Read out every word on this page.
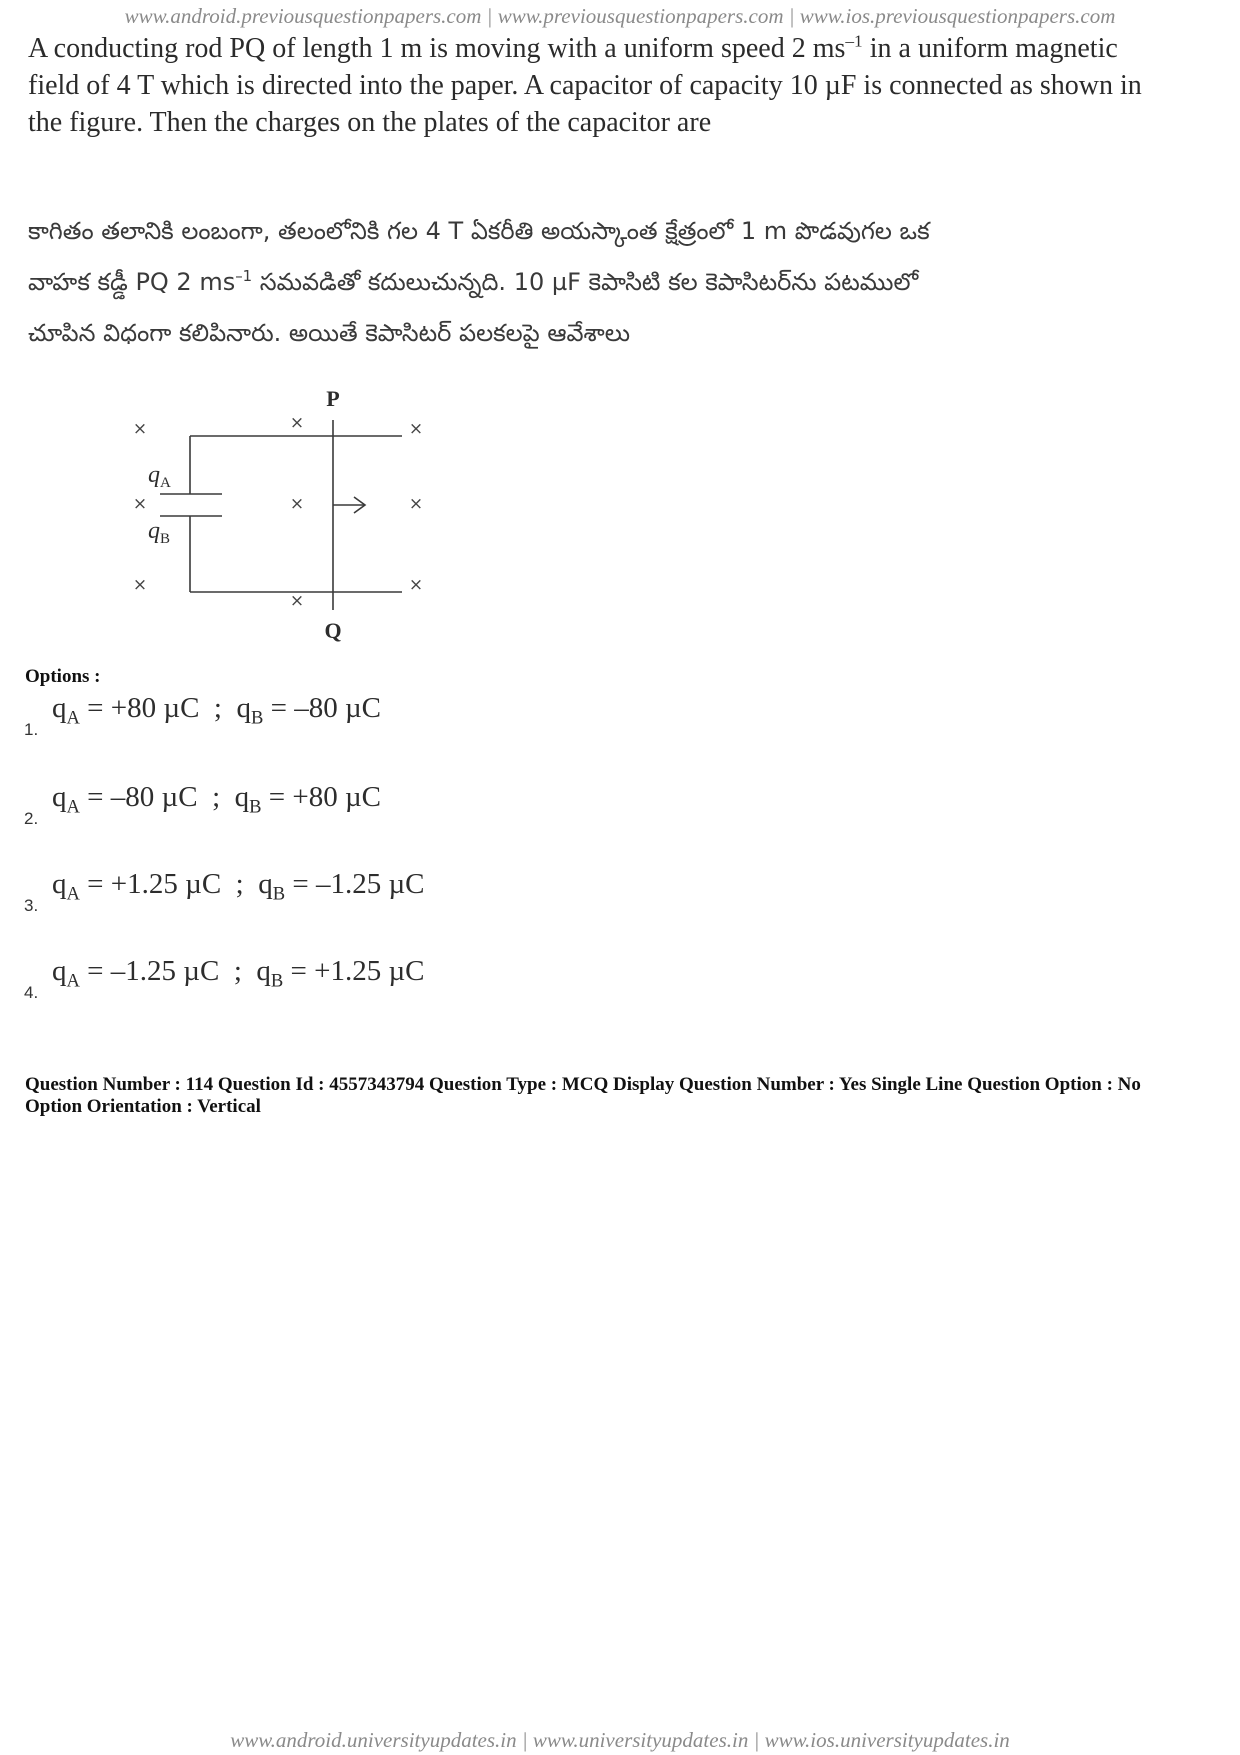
www.android.previousquestionpapers.com | www.previousquestionpapers.com | www.ios.previousquestionpapers.com
A conducting rod PQ of length 1 m is moving with a uniform speed 2 $ms^{-1}$ in a uniform magnetic field of 4 T which is directed into the paper. A capacitor of capacity 10 µF is connected as shown in the figure. Then the charges on the plates of the capacitor are

కాగితం తలానికి లంబంగా, తలంలోనికి గల 4 T ఏకరీతి అయస్కాంత క్షేత్రంలో 1 m పొడవుగల ఒక

వాహక కడ్డీ PQ 2 $ms^{-1}$ సమవడితో కదులుచున్నది. 10 µF కెపాసిటి కల కెపాసిటర్‌ను పటములో

చూపిన విధంగా కలిపినారు. అయితే కెపాసిటర్ పలకలపై ఆవేశాలు

×	×	×
×	×	×
×
×
×
P
Q
$q_A$
$q_B$
Options :
1.
$q_A = +80$ µC  ;  $q_B = -80$ µC
2.
$q_A = -80$ µC  ;  $q_B = +80$ µC
3.
$q_A = +1.25$ µC  ;  $q_B = -1.25$ µC
4.
$q_A = -1.25$ µC  ;  $q_B = +1.25$ µC
Question Number : 114 Question Id : 4557343794 Question Type : MCQ Display Question Number : Yes Single Line Question Option : No Option Orientation : Vertical
www.android.universityupdates.in | www.universityupdates.in | www.ios.universityupdates.in
